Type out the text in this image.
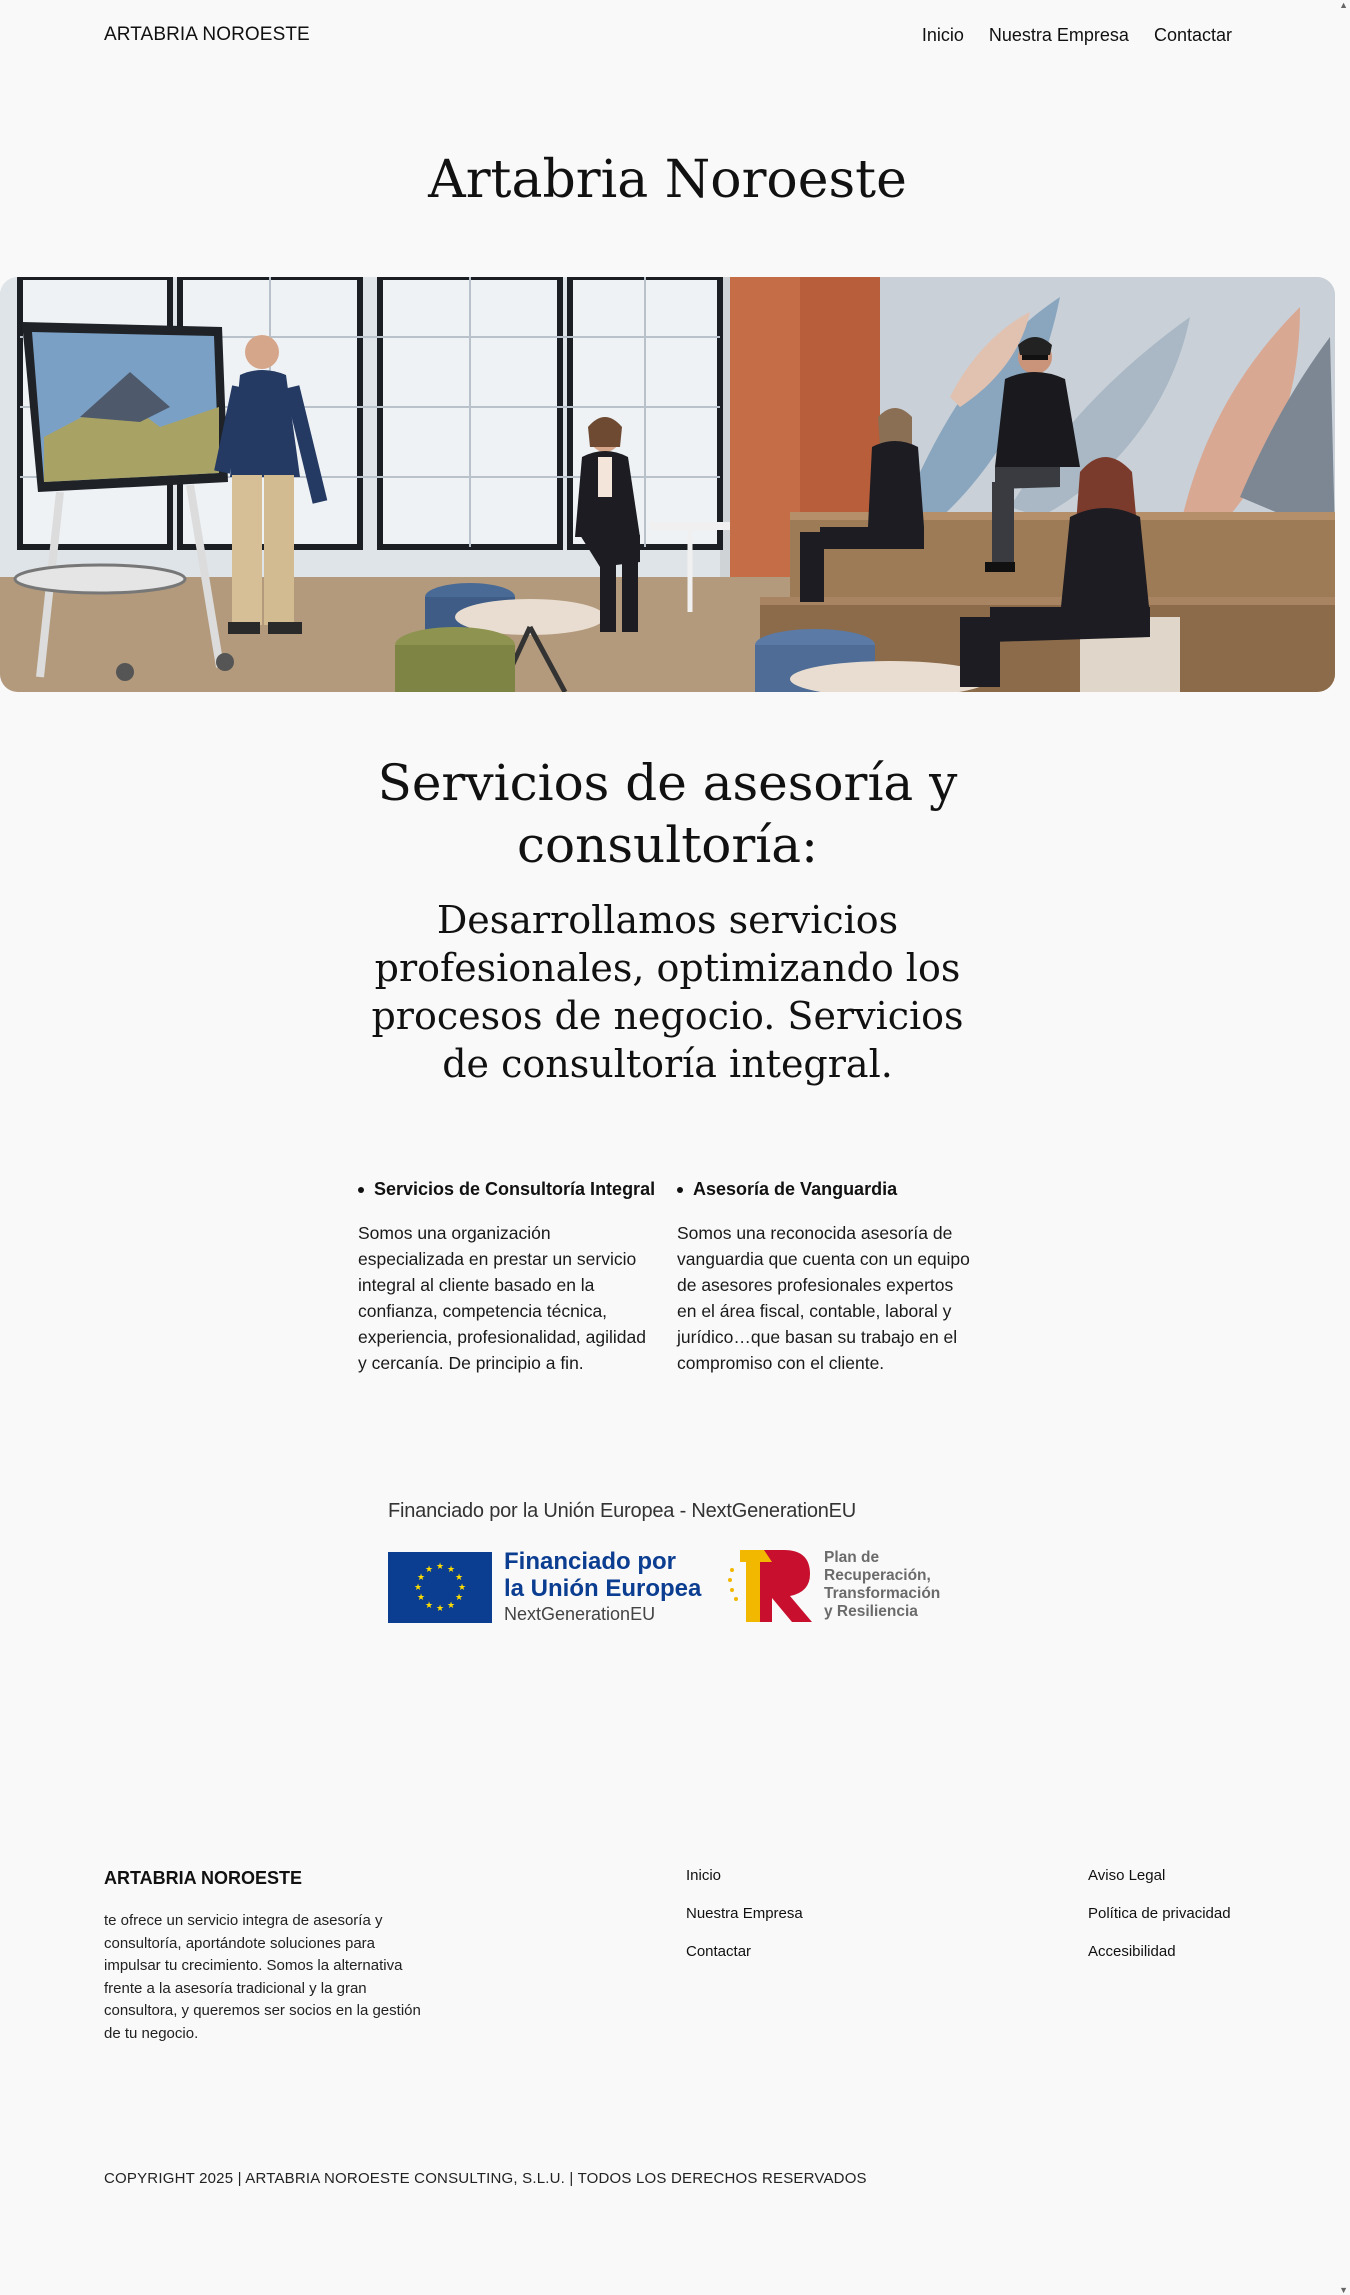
▲
▼
ARTABRIA NOROESTE	Inicio Nuestra Empresa Contactar
Artabria Noroeste
Servicios de asesoría y consultoría:

Desarrollamos servicios profesionales, optimizando los procesos de negocio. Servicios de consultoría integral.

Servicios de Consultoría Integral

Somos una organización especializada en prestar un servicio integral al cliente basado en la confianza, competencia técnica, experiencia, profesionalidad, agilidad y cercanía. De principio a fin.

Asesoría de Vanguardia

Somos una reconocida asesoría de vanguardia que cuenta con un equipo de asesores profesionales expertos en el área fiscal, contable, laboral y jurídico…que basan su trabajo en el compromiso con el cliente.

Financiado por la Unión Europea - NextGenerationEU
★ ★
★
★
★
★
★
★
★
★
★
★	Financiado por
la Unión Europea
NextGenerationEU
Plan de
Recuperación,
Transformación
y Resiliencia
ARTABRIA NOROESTE

te ofrece un servicio integra de asesoría y consultoría, aportándote soluciones para impulsar tu crecimiento. Somos la alternativa frente a la asesoría tradicional y la gran consultora, y queremos ser socios en la gestión de tu negocio.

Inicio
Nuestra Empresa
Contactar
Aviso Legal
Política de privacidad
Accesibilidad
COPYRIGHT 2025 | ARTABRIA NOROESTE CONSULTING, S.L.U. | TODOS LOS DERECHOS RESERVADOS
